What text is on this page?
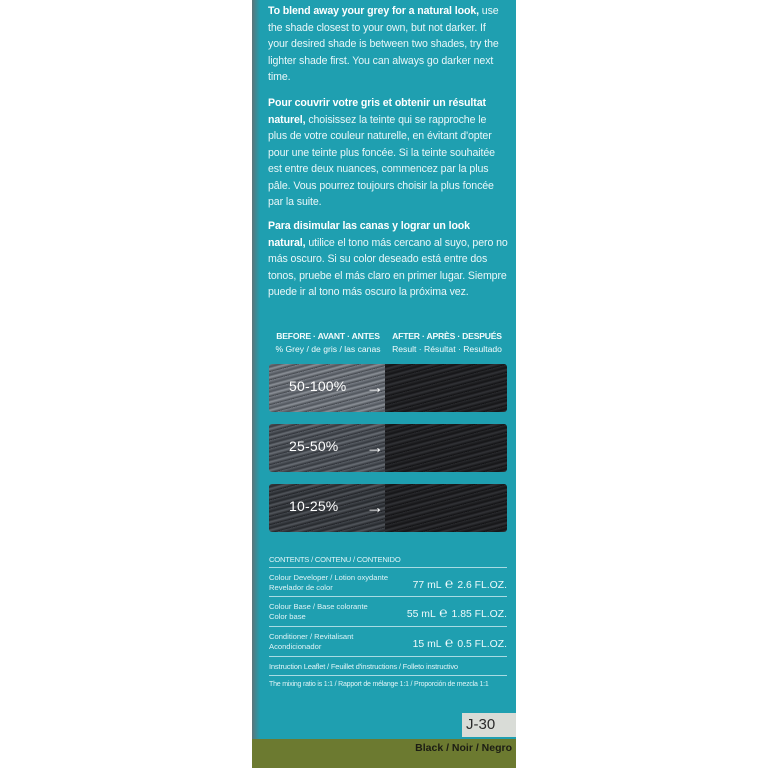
To blend away your grey for a natural look, use the shade closest to your own, but not darker. If your desired shade is between two shades, try the lighter shade first. You can always go darker next time.
Pour couvrir votre gris et obtenir un résultat naturel, choisissez la teinte qui se rapproche le plus de votre couleur naturelle, en évitant d'opter pour une teinte plus foncée. Si la teinte souhaitée est entre deux nuances, commencez par la plus pâle. Vous pourrez toujours choisir la plus foncée par la suite.
Para disimular las canas y lograr un look natural, utilice el tono más cercano al suyo, pero no más oscuro. Si su color deseado está entre dos tonos, pruebe el más claro en primer lugar. Siempre puede ir al tono más oscuro la próxima vez.
BEFORE · AVANT · ANTES
% Grey / de gris / las canas
AFTER · APRÈS · DESPUÉS
Result · Résultat · Resultado
50-100% →
25-50% →
10-25% →
CONTENTS / CONTENU / CONTENIDO
Colour Developer / Lotion oxydante
Revelador de color	77 mL ℮ 2.6 FL.OZ.
Colour Base / Base colorante
Color base	55 mL ℮ 1.85 FL.OZ.
Conditioner / Revitalisant
Acondicionador	15 mL ℮ 0.5 FL.OZ.
Instruction Leaflet / Feuillet d'instructions / Folleto instructivo
The mixing ratio is 1:1 / Rapport de mélange 1:1 / Proporción de mezcla 1:1
J-30
Black / Noir / Negro
